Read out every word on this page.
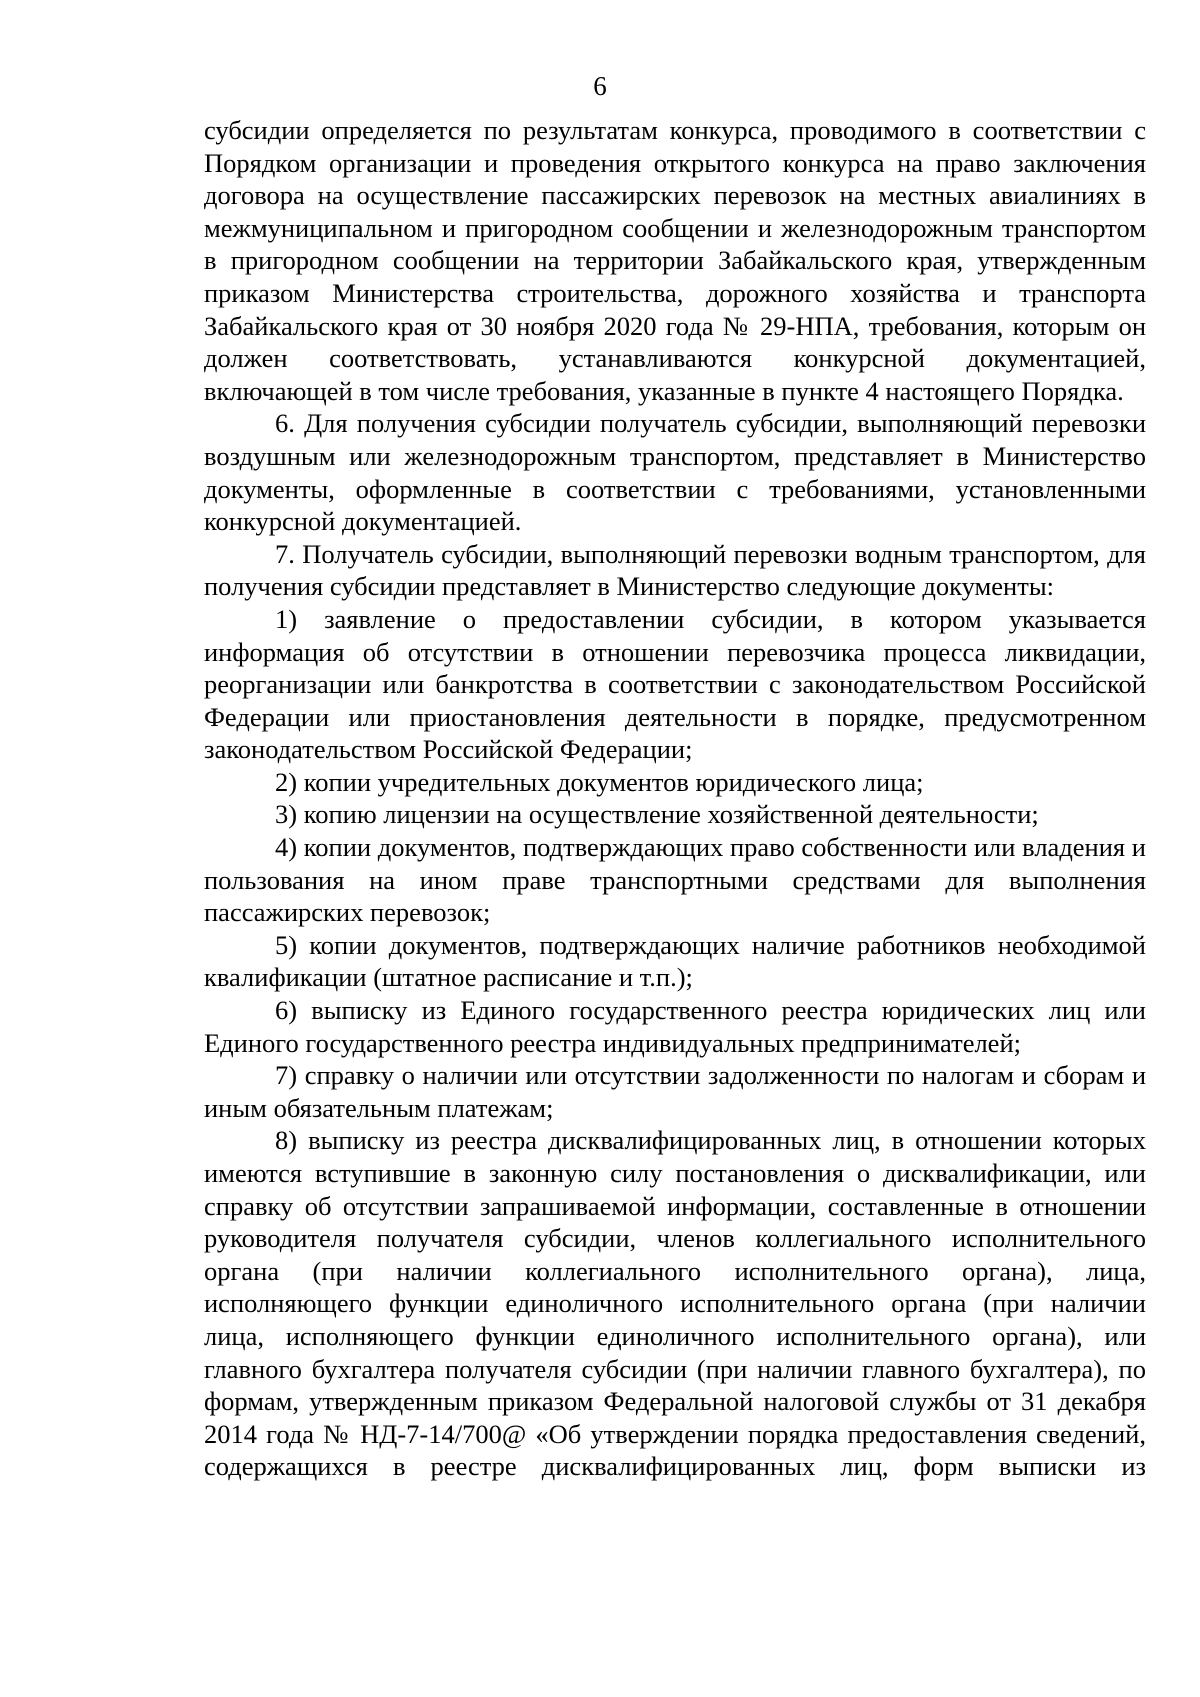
6

субсидии определяется по результатам конкурса, проводимого в соответствии с Порядком организации и проведения открытого конкурса на право заключения договора на осуществление пассажирских перевозок на местных авиалиниях в межмуниципальном и пригородном сообщении и железнодорожным транспортом в пригородном сообщении на территории Забайкальского края, утвержденным приказом Министерства строительства, дорожного хозяйства и транспорта Забайкальского края от 30 ноября 2020 года № 29-НПА, требования, которым он должен соответствовать, устанавливаются конкурсной документацией, включающей в том числе требования, указанные в пункте 4 настоящего Порядка.

6. Для получения субсидии получатель субсидии, выполняющий перевозки воздушным или железнодорожным транспортом, представляет в Министерство документы, оформленные в соответствии с требованиями, установленными конкурсной документацией.

7. Получатель субсидии, выполняющий перевозки водным транспортом, для получения субсидии представляет в Министерство следующие документы:

1) заявление о предоставлении субсидии, в котором указывается информация об отсутствии в отношении перевозчика процесса ликвидации, реорганизации или банкротства в соответствии с законодательством Российской Федерации или приостановления деятельности в порядке, предусмотренном законодательством Российской Федерации;

2) копии учредительных документов юридического лица;

3) копию лицензии на осуществление хозяйственной деятельности;

4) копии документов, подтверждающих право собственности или владения и пользования на ином праве транспортными средствами для выполнения пассажирских перевозок;

5) копии документов, подтверждающих наличие работников необходимой квалификации (штатное расписание и т.п.);

6) выписку из Единого государственного реестра юридических лиц или Единого государственного реестра индивидуальных предпринимателей;

7) справку о наличии или отсутствии задолженности по налогам и сборам и иным обязательным платежам;

8) выписку из реестра дисквалифицированных лиц, в отношении которых имеются вступившие в законную силу постановления о дисквалификации, или справку об отсутствии запрашиваемой информации, составленные в отношении руководителя получателя субсидии, членов коллегиального исполнительного органа (при наличии коллегиального исполнительного органа), лица, исполняющего функции единоличного исполнительного органа (при наличии лица, исполняющего функции единоличного исполнительного органа), или главного бухгалтера получателя субсидии (при наличии главного бухгалтера), по формам, утвержденным приказом Федеральной налоговой службы от 31 декабря 2014 года № НД-7-14/700@ «Об утверждении порядка предоставления сведений, содержащихся в реестре дисквалифицированных лиц, форм выписки из
